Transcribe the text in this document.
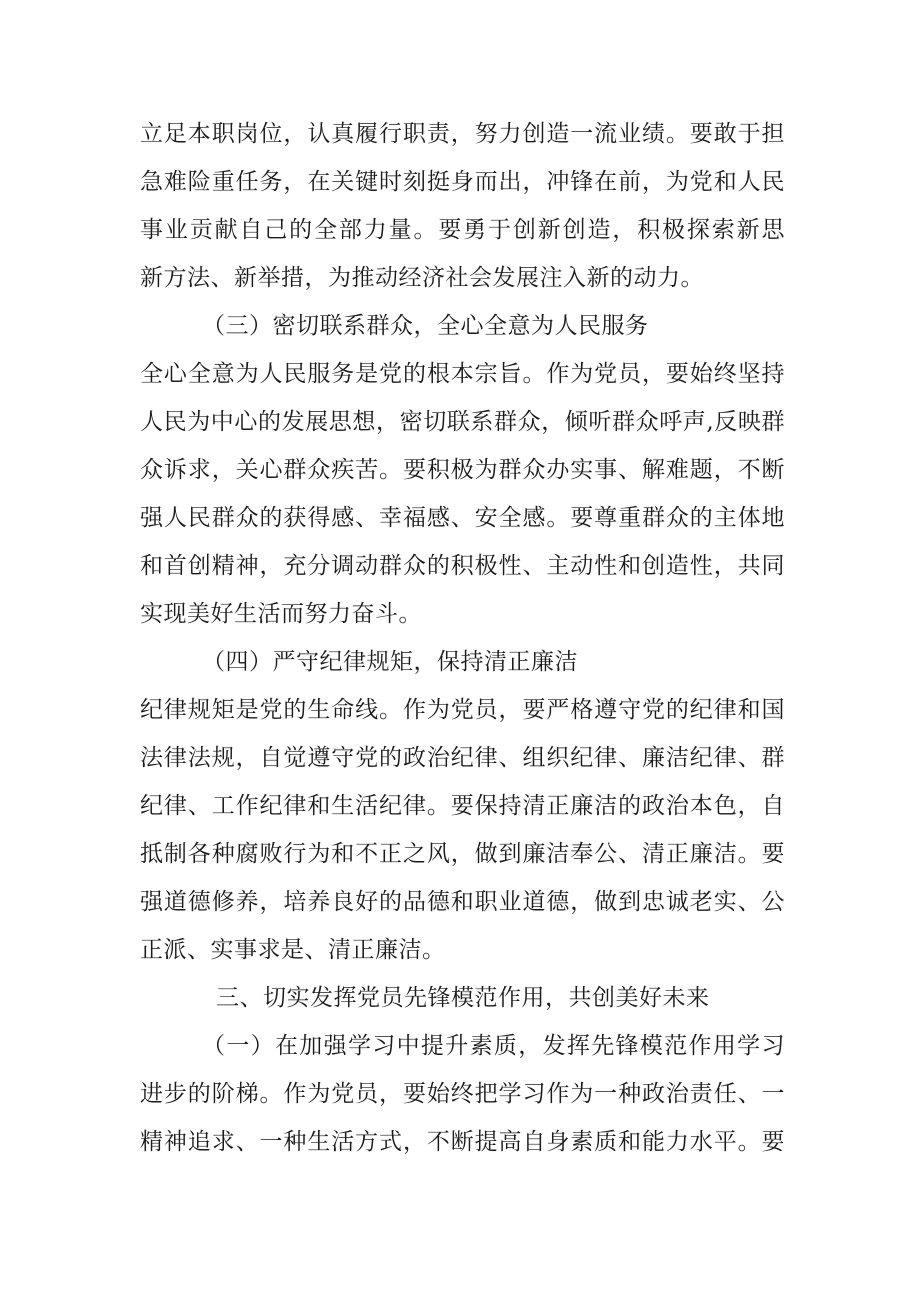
立足本职岗位，认真履行职责，努力创造一流业绩。要敢于担
急难险重任务，在关键时刻挺身而出，冲锋在前，为党和人民
事业贡献自己的全部力量。要勇于创新创造，积极探索新思
新方法、新举措，为推动经济社会发展注入新的动力。
（三）密切联系群众，全心全意为人民服务
全心全意为人民服务是党的根本宗旨。作为党员，要始终坚持
人民为中心的发展思想，密切联系群众，倾听群众呼声,反映群
众诉求，关心群众疾苦。要积极为群众办实事、解难题，不断
强人民群众的获得感、幸福感、安全感。要尊重群众的主体地
和首创精神，充分调动群众的积极性、主动性和创造性，共同
实现美好生活而努力奋斗。
（四）严守纪律规矩，保持清正廉洁
纪律规矩是党的生命线。作为党员，要严格遵守党的纪律和国
法律法规，自觉遵守党的政治纪律、组织纪律、廉洁纪律、群
纪律、工作纪律和生活纪律。要保持清正廉洁的政治本色，自
抵制各种腐败行为和不正之风，做到廉洁奉公、清正廉洁。要
强道德修养，培养良好的品德和职业道德，做到忠诚老实、公
正派、实事求是、清正廉洁。
三、切实发挥党员先锋模范作用，共创美好未来
（一）在加强学习中提升素质，发挥先锋模范作用学习
进步的阶梯。作为党员，要始终把学习作为一种政治责任、一
精神追求、一种生活方式，不断提高自身素质和能力水平。要
